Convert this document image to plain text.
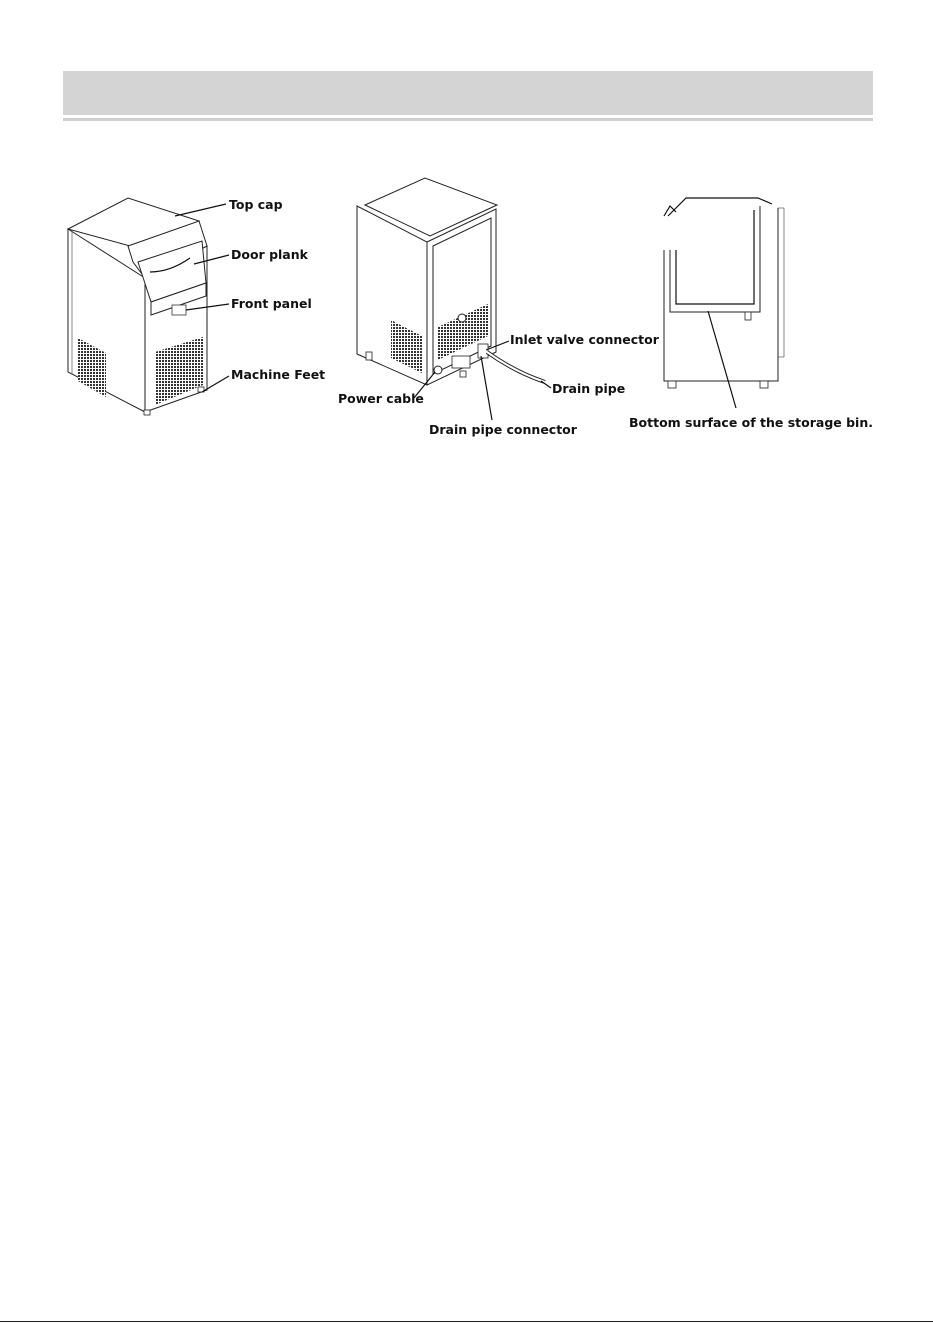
Top cap
Door plank
Front panel
Machine Feet
Inlet valve connector
Power cable
Drain pipe
Drain pipe connector	Bottom surface of the storage bin.
